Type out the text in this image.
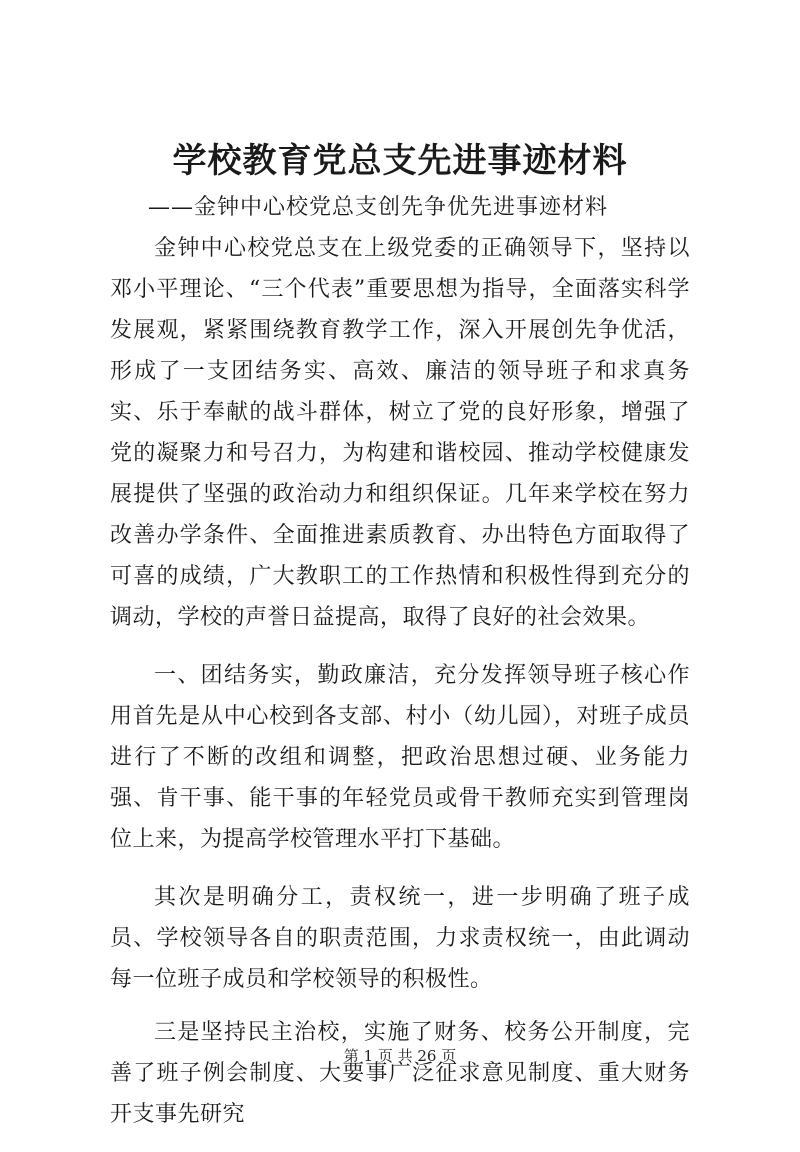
学校教育党总支先进事迹材料
——金钟中心校党总支创先争优先进事迹材料

金钟中心校党总支在上级党委的正确领导下，坚持以邓小平理论、“三个代表”重要思想为指导，全面落实科学发展观，紧紧围绕教育教学工作，深入开展创先争优活，形成了一支团结务实、高效、廉洁的领导班子和求真务实、乐于奉献的战斗群体，树立了党的良好形象，增强了党的凝聚力和号召力，为构建和谐校园、推动学校健康发展提供了坚强的政治动力和组织保证。几年来学校在努力改善办学条件、全面推进素质教育、办出特色方面取得了可喜的成绩，广大教职工的工作热情和积极性得到充分的调动，学校的声誉日益提高，取得了良好的社会效果。

一、团结务实，勤政廉洁，充分发挥领导班子核心作用首先是从中心校到各支部、村小（幼儿园），对班子成员进行了不断的改组和调整，把政治思想过硬、业务能力强、肯干事、能干事的年轻党员或骨干教师充实到管理岗位上来，为提高学校管理水平打下基础。

其次是明确分工，责权统一，进一步明确了班子成员、学校领导各自的职责范围，力求责权统一，由此调动每一位班子成员和学校领导的积极性。

三是坚持民主治校，实施了财务、校务公开制度，完善了班子例会制度、大要事广泛征求意见制度、重大财务开支事先研究

第 1 页 共 26 页
